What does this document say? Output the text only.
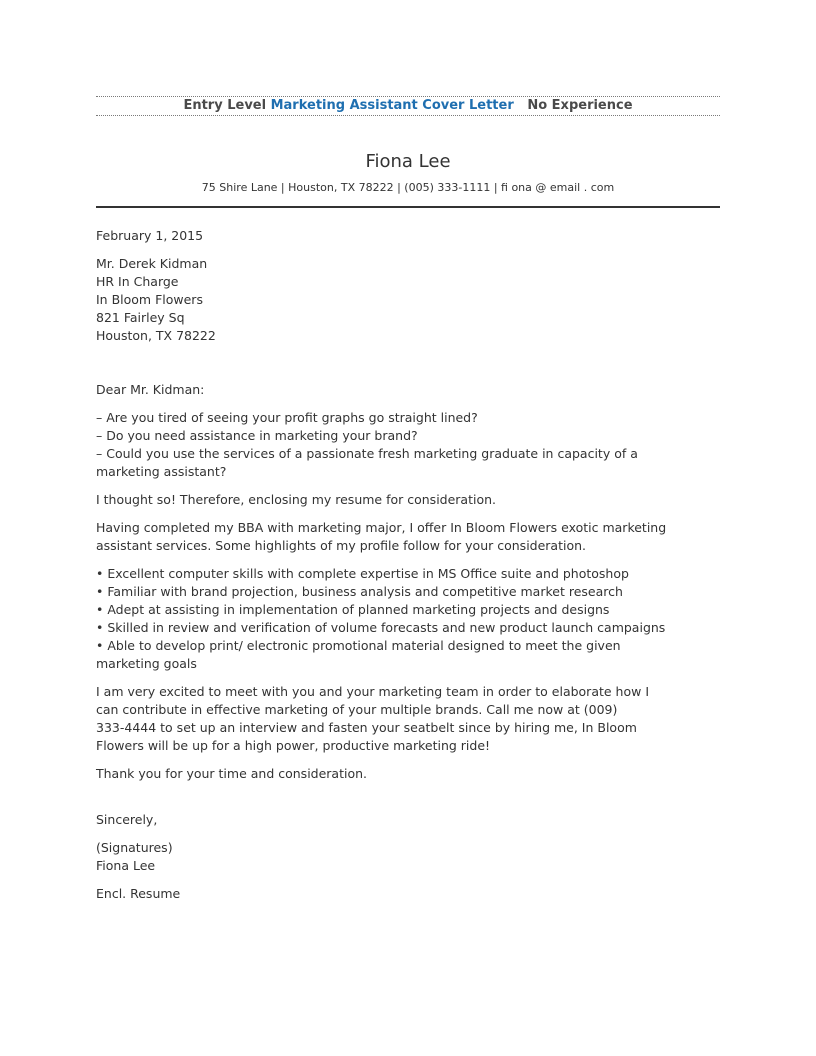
Entry Level Marketing Assistant Cover Letter No Experience
Fiona Lee
75 Shire Lane | Houston, TX 78222 | (005) 333-1111 | fi ona @ email . com
February 1, 2015
Mr. Derek Kidman
HR In Charge
In Bloom Flowers
821 Fairley Sq
Houston, TX 78222
Dear Mr. Kidman:
– Are you tired of seeing your profit graphs go straight lined?
– Do you need assistance in marketing your brand?
– Could you use the services of a passionate fresh marketing graduate in capacity of a
marketing assistant?
I thought so! Therefore, enclosing my resume for consideration.
Having completed my BBA with marketing major, I offer In Bloom Flowers exotic marketing
assistant services. Some highlights of my profile follow for your consideration.
• Excellent computer skills with complete expertise in MS Office suite and photoshop
• Familiar with brand projection, business analysis and competitive market research
• Adept at assisting in implementation of planned marketing projects and designs
• Skilled in review and verification of volume forecasts and new product launch campaigns
• Able to develop print/ electronic promotional material designed to meet the given
marketing goals
I am very excited to meet with you and your marketing team in order to elaborate how I
can contribute in effective marketing of your multiple brands. Call me now at (009)
333-4444 to set up an interview and fasten your seatbelt since by hiring me, In Bloom
Flowers will be up for a high power, productive marketing ride!
Thank you for your time and consideration.
Sincerely,
(Signatures)
Fiona Lee
Encl. Resume
